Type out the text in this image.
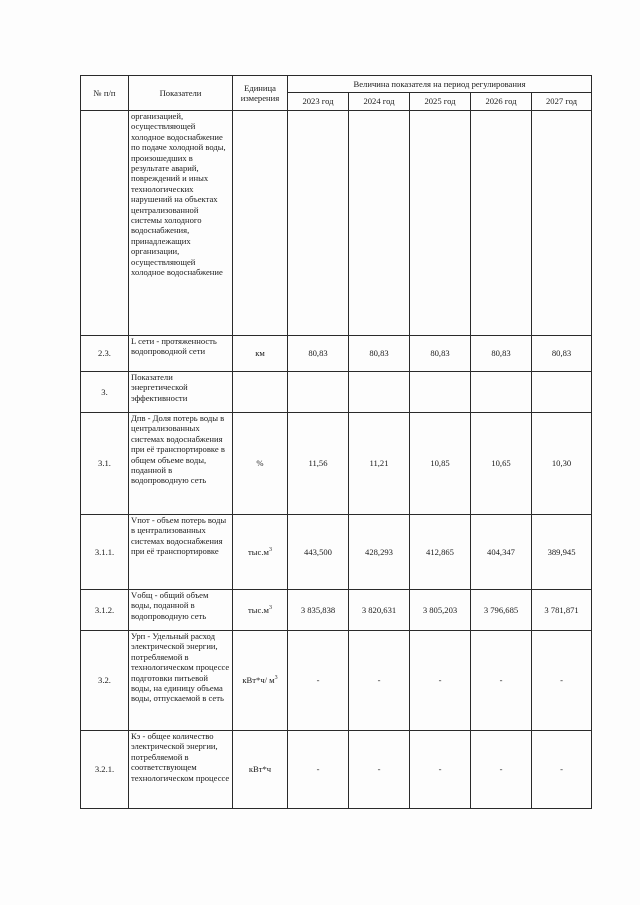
№ п/п	Показатели	Единица измерения	Величина показателя на период регулирования				
			2023 год	2024 год	2025 год	2026 год	2027 год
	организацией, осуществляющей холодное водоснабжение по подаче холодной воды, произошедших в результате аварий, повреждений и иных технологических нарушений на объектах централизованной системы холодного водоснабжения, принадлежащих организации, осуществляющей холодное водоснабжение						
2.3.	L сети - протяженность водопроводной сети	км	80,83	80,83	80,83	80,83	80,83
3.	Показатели энергетической эффективности						
3.1.	Дпв - Доля потерь воды в централизованных системах водоснабжения при её транспортировке в общем объеме воды, поданной в водопроводную сеть	%	11,56	11,21	10,85	10,65	10,30
3.1.1.	Vпот - объем потерь воды в централизованных системах водоснабжения при её транспортировке	$тыс.м^3$	443,500	428,293	412,865	404,347	389,945
3.1.2.	Vобщ - общий объем воды, поданной в водопроводную сеть	$тыс.м^3$	3 835,838	3 820,631	3 805,203	3 796,685	3 781,871
3.2.	Урп - Удельный расход электрической энергии, потребляемой в технологическом процессе подготовки питьевой воды, на единицу объема воды, отпускаемой в сеть	кВт*ч/ $м^3$	-	-	-	-	-
3.2.1.	Кэ - общее количество электрической энергии, потребляемой в соответствующем технологическом процессе	кВт*ч	-	-	-	-	-
